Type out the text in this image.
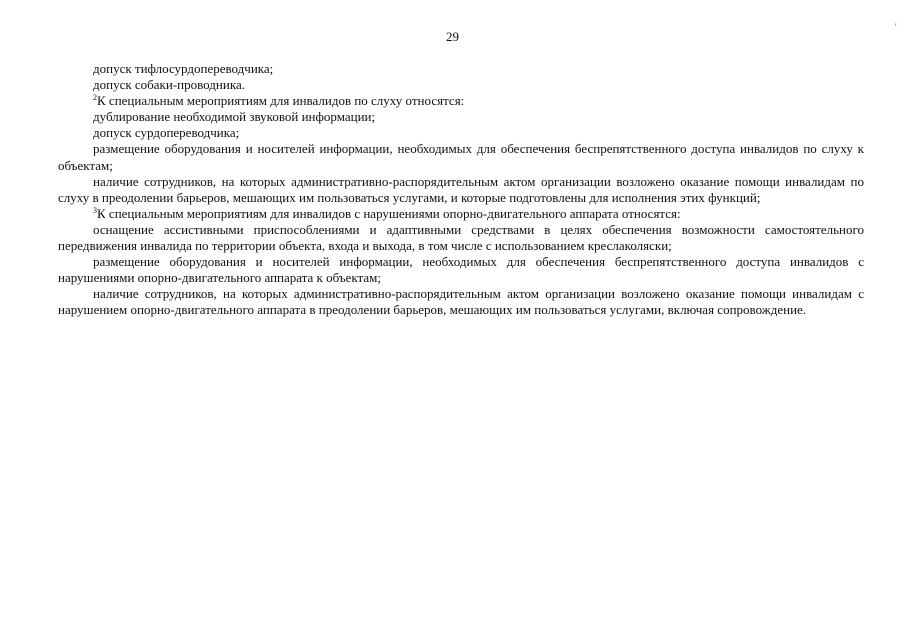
29
'

допуск тифлосурдопереводчика;

допуск собаки-проводника.

$^2$К специальным мероприятиям для инвалидов по слуху относятся:

дублирование необходимой звуковой информации;

допуск сурдопереводчика;

размещение оборудования и носителей информации, необходимых для обеспечения беспрепятственного доступа инвалидов по слуху к объектам;

наличие сотрудников, на которых административно-распорядительным актом организации возложено оказание помощи инвалидам по слуху в преодолении барьеров, мешающих им пользоваться услугами, и которые подготовлены для исполнения этих функций;

$^3$К специальным мероприятиям для инвалидов с нарушениями опорно-двигательного аппарата относятся:

оснащение ассистивными приспособлениями и адаптивными средствами в целях обеспечения возможности самостоятельного передвижения инвалида по территории объекта, входа и выхода, в том числе с использованием креслаколяски;

размещение оборудования и носителей информации, необходимых для обеспечения беспрепятственного доступа инвалидов с нарушениями опорно-двигательного аппарата к объектам;

наличие сотрудников, на которых административно-распорядительным актом организации возложено оказание помощи инвалидам с нарушением опорно-двигательного аппарата в преодолении барьеров, мешающих им пользоваться услугами, включая сопровождение.
